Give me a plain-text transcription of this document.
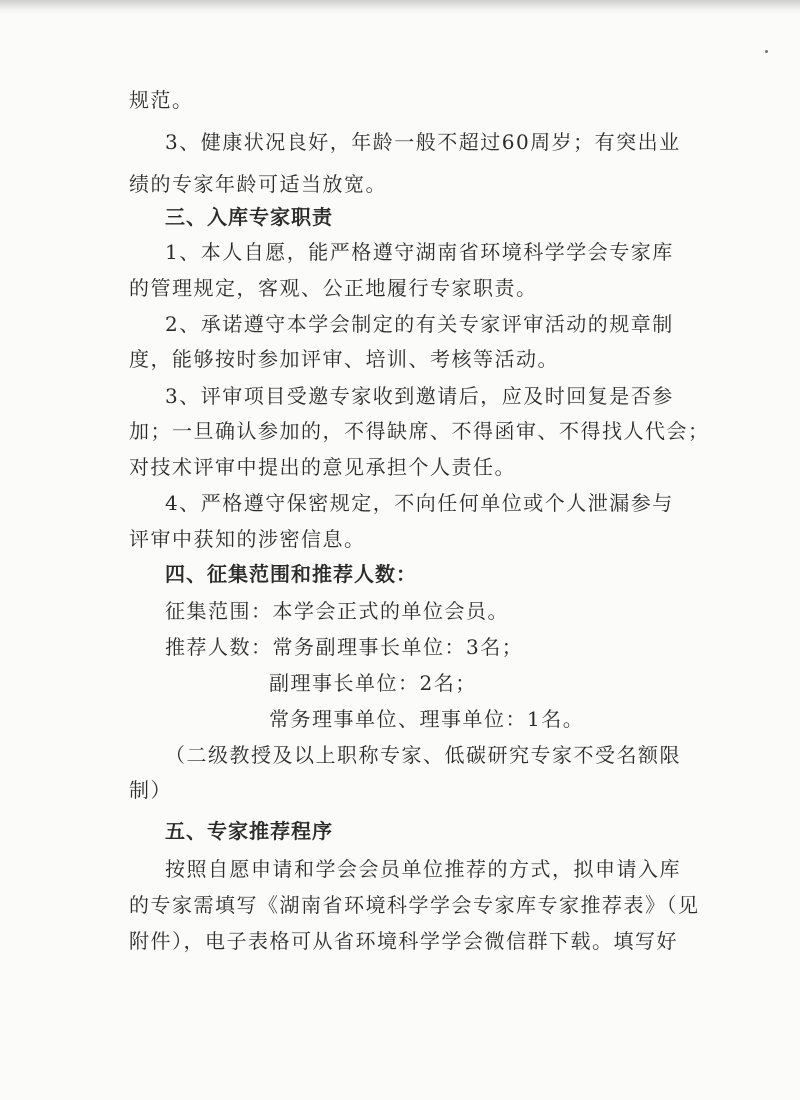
规范。

3、健康状况良好，年龄一般不超过60周岁；有突出业

绩的专家年龄可适当放宽。

三、入库专家职责

1、本人自愿，能严格遵守湖南省环境科学学会专家库

的管理规定，客观、公正地履行专家职责。

2、承诺遵守本学会制定的有关专家评审活动的规章制

度，能够按时参加评审、培训、考核等活动。

3、评审项目受邀专家收到邀请后，应及时回复是否参

加；一旦确认参加的，不得缺席、不得函审、不得找人代会；

对技术评审中提出的意见承担个人责任。

4、严格遵守保密规定，不向任何单位或个人泄漏参与

评审中获知的涉密信息。

四、征集范围和推荐人数：

征集范围：本学会正式的单位会员。

推荐人数：常务副理事长单位：3名；

副理事长单位：2名；

常务理事单位、理事单位：1名。

（二级教授及以上职称专家、低碳研究专家不受名额限

制）

五、专家推荐程序

按照自愿申请和学会会员单位推荐的方式，拟申请入库

的专家需填写《湖南省环境科学学会专家库专家推荐表》（见

附件），电子表格可从省环境科学学会微信群下载。填写好
